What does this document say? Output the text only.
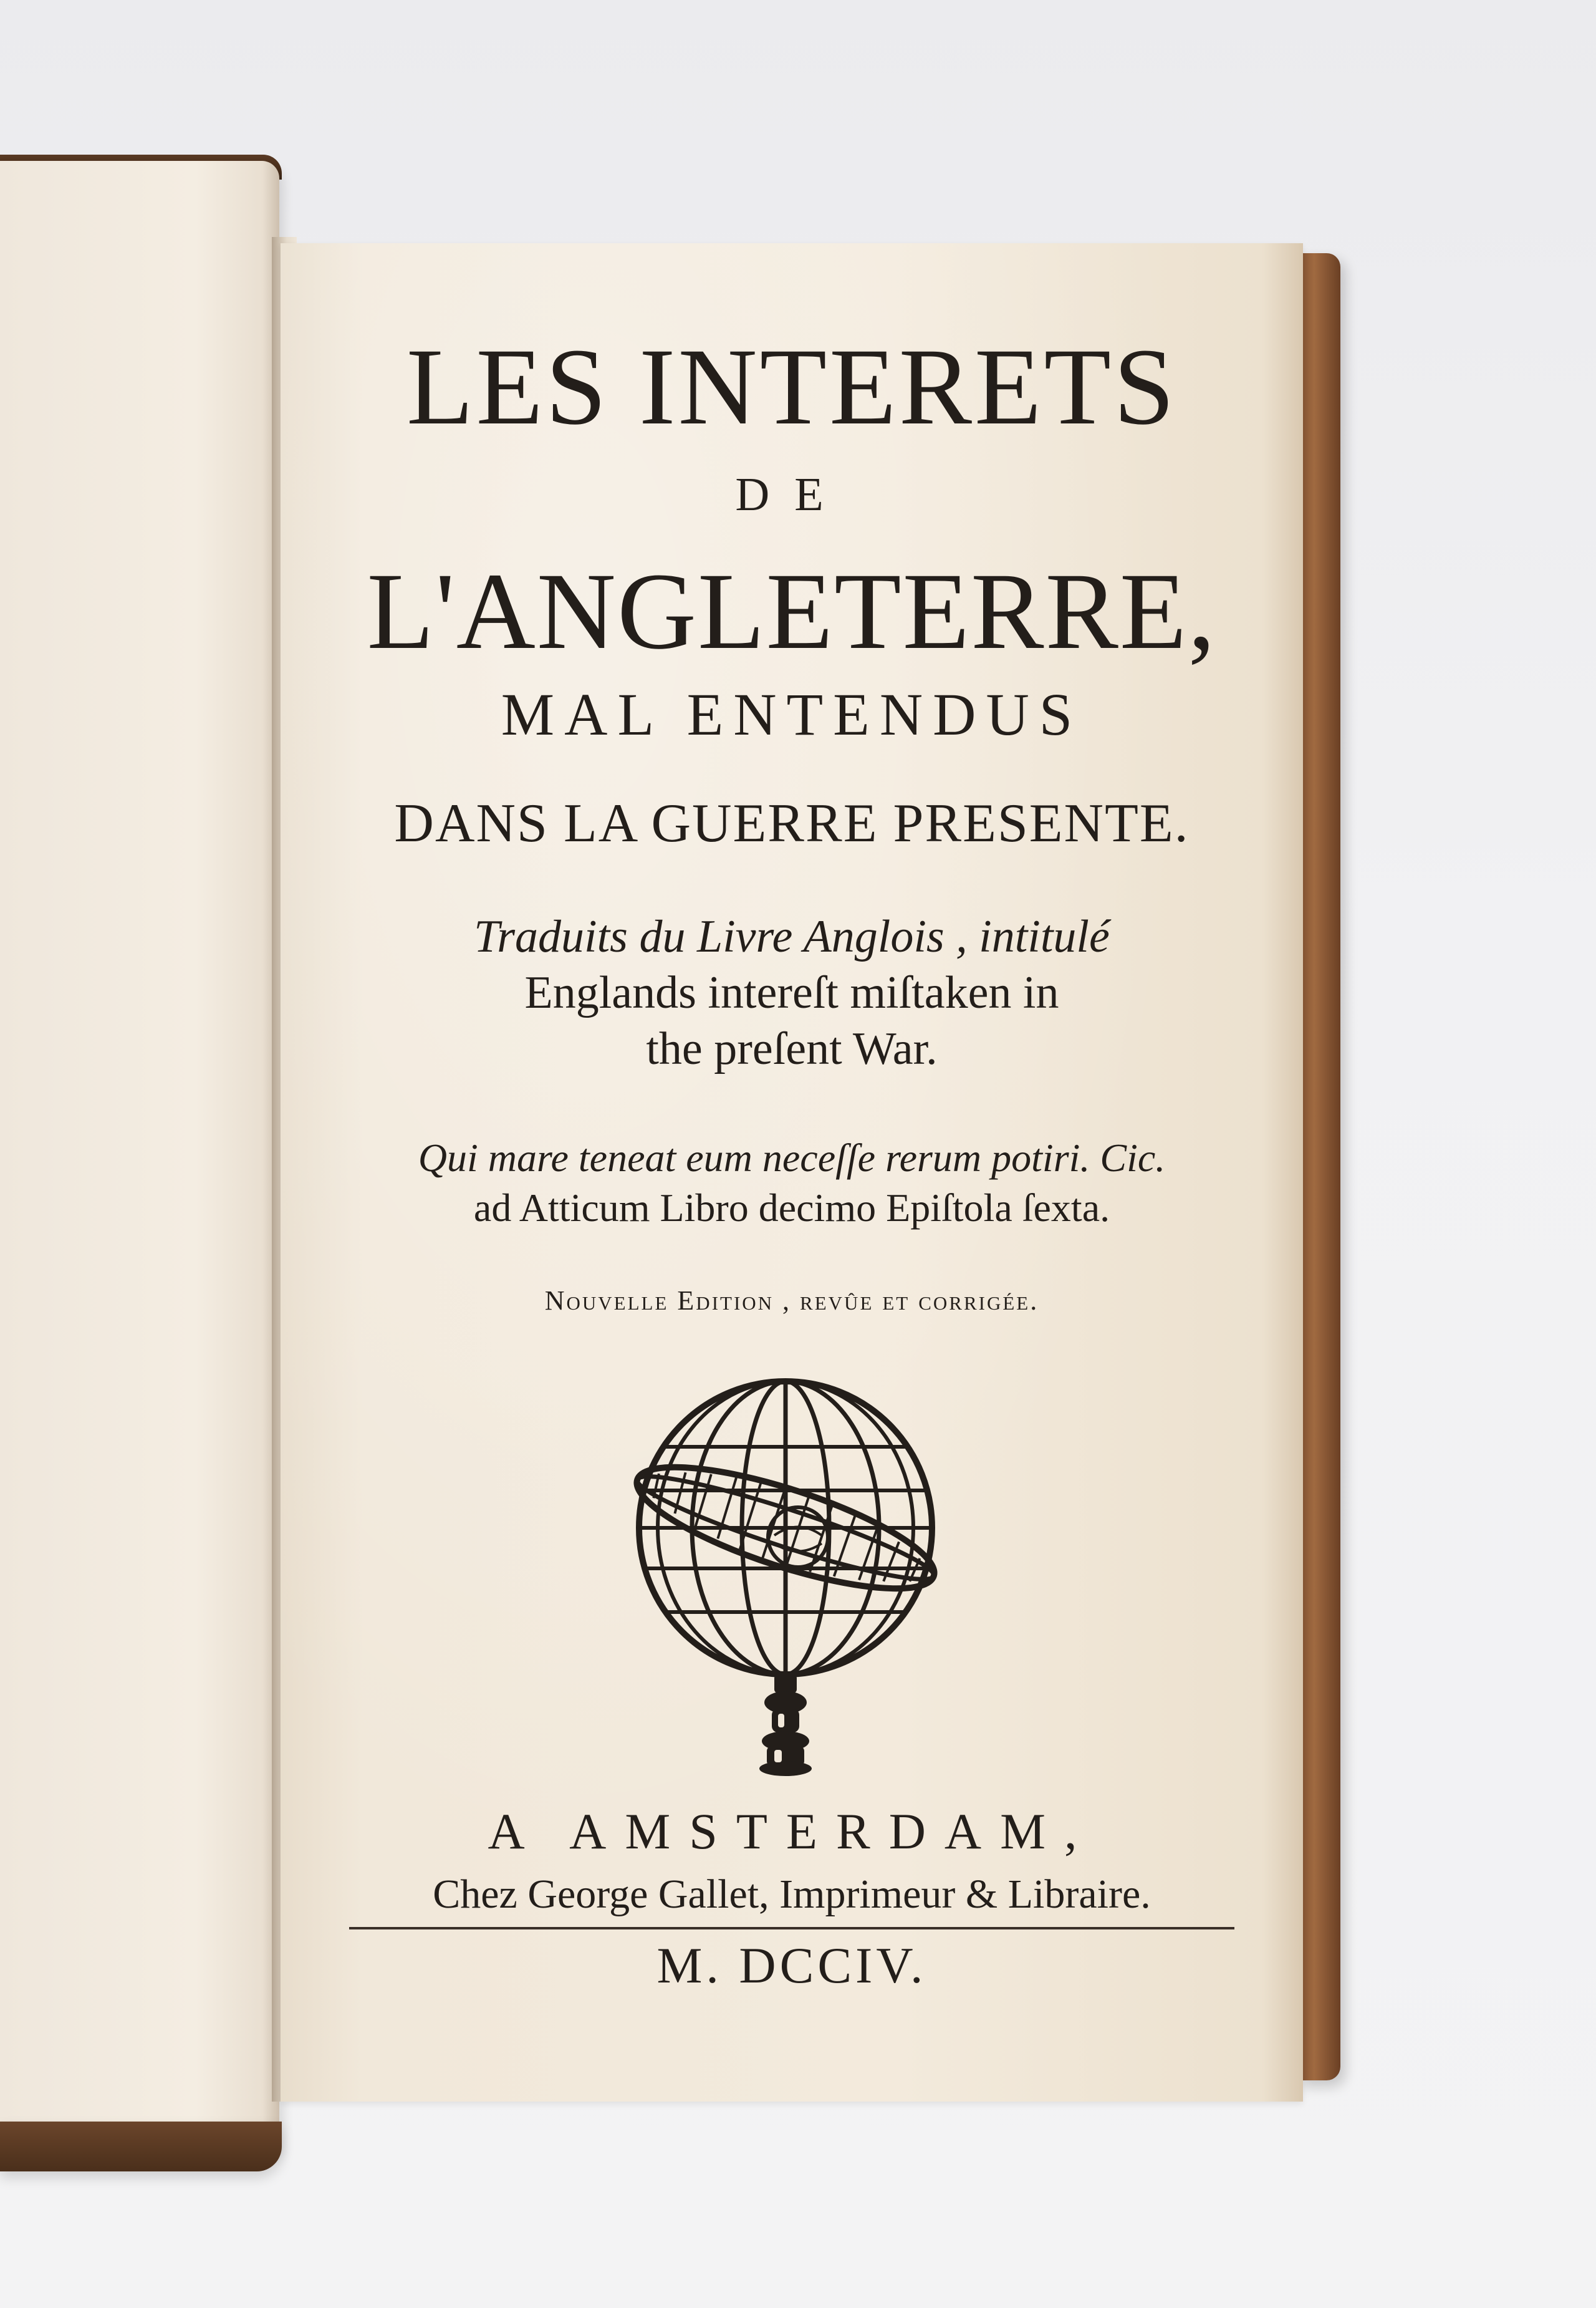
LES INTERETS
DE
L'ANGLETERRE,
MAL ENTENDUS
DANS LA GUERRE PRESENTE.
Traduits du Livre Anglois , intitulé
Englands intereſt miſtaken in
the preſent War.
Qui mare teneat eum neceſſe rerum potiri. Cic.
ad Atticum Libro decimo Epiſtola ſexta.
Nouvelle Edition , revûe et corrigée.
A AMSTERDAM,
Chez George Gallet, Imprimeur & Libraire.
M. DCCIV.
